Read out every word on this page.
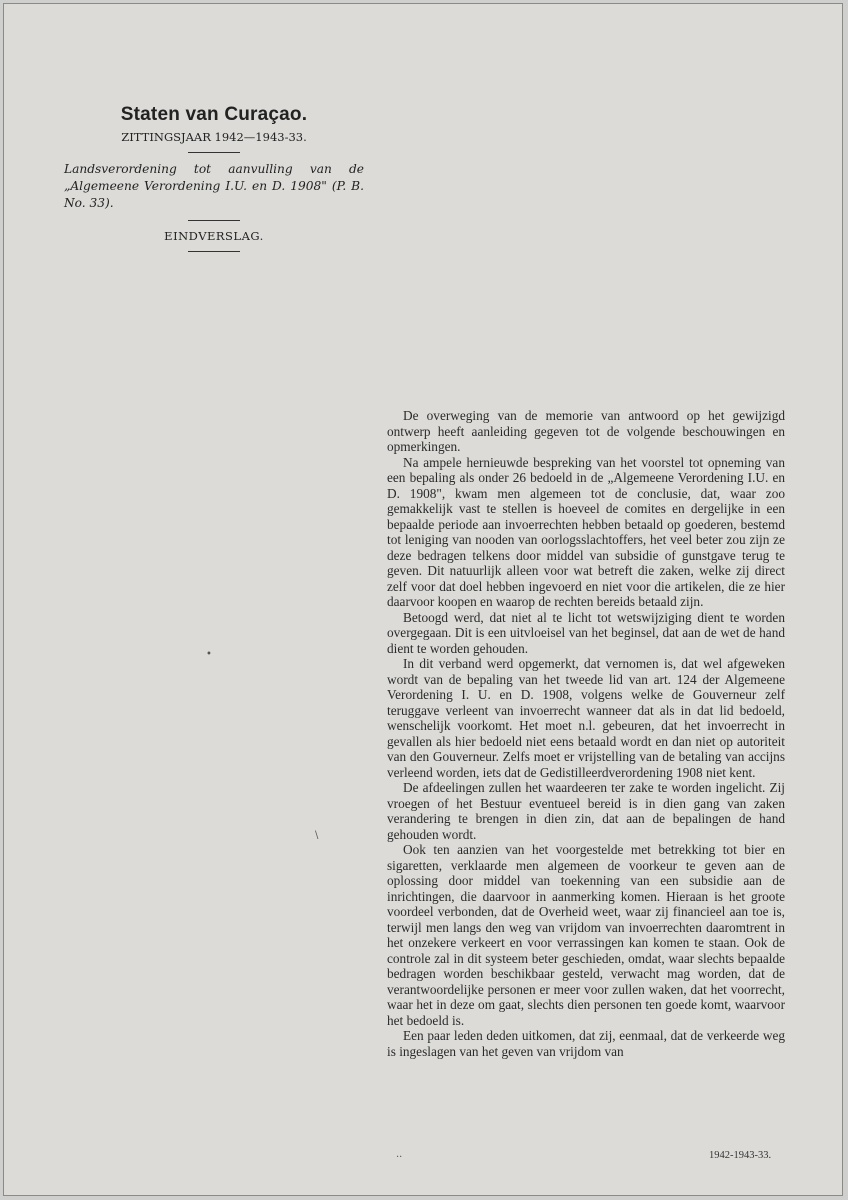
Staten van Curaçao.

ZITTINGSJAAR 1942—1943-33.

Landsverordening tot aanvulling van de „Algemeene Verordening I.U. en D. 1908" (P. B. No. 33).

EINDVERSLAG.

De overweging van de memorie van antwoord op het gewijzigd ontwerp heeft aanleiding gegeven tot de volgende beschouwingen en opmerkingen.

Na ampele hernieuwde bespreking van het voorstel tot opneming van een bepaling als onder 26 bedoeld in de „Algemeene Verordening I.U. en D. 1908", kwam men algemeen tot de conclusie, dat, waar zoo gemakkelijk vast te stellen is hoeveel de comites en dergelijke in een bepaalde periode aan invoerrechten hebben betaald op goederen, bestemd tot leniging van nooden van oorlogsslachtoffers, het veel beter zou zijn ze deze bedragen telkens door middel van subsidie of gunstgave terug te geven. Dit natuurlijk alleen voor wat betreft die zaken, welke zij direct zelf voor dat doel hebben ingevoerd en niet voor die artikelen, die ze hier daarvoor koopen en waarop de rechten bereids betaald zijn.

Betoogd werd, dat niet al te licht tot wetswijziging dient te worden overgegaan. Dit is een uitvloeisel van het beginsel, dat aan de wet de hand dient te worden gehouden.

In dit verband werd opgemerkt, dat vernomen is, dat wel afgeweken wordt van de bepaling van het tweede lid van art. 124 der Algemeene Verordening I. U. en D. 1908, volgens welke de Gouverneur zelf teruggave verleent van invoerrecht wanneer dat als in dat lid bedoeld, wenschelijk voorkomt. Het moet n.l. gebeuren, dat het invoerrecht in gevallen als hier bedoeld niet eens betaald wordt en dan niet op autoriteit van den Gouverneur. Zelfs moet er vrijstelling van de betaling van accijns verleend worden, iets dat de Gedistilleerdverordening 1908 niet kent.

De afdeelingen zullen het waardeeren ter zake te worden ingelicht. Zij vroegen of het Bestuur eventueel bereid is in dien gang van zaken verandering te brengen in dien zin, dat aan de bepalingen de hand gehouden wordt.

Ook ten aanzien van het voorgestelde met betrekking tot bier en sigaretten, verklaarde men algemeen de voorkeur te geven aan de oplossing door middel van toekenning van een subsidie aan de inrichtingen, die daarvoor in aanmerking komen. Hieraan is het groote voordeel verbonden, dat de Overheid weet, waar zij financieel aan toe is, terwijl men langs den weg van vrijdom van invoerrechten daaromtrent in het onzekere verkeert en voor verrassingen kan komen te staan. Ook de controle zal in dit systeem beter geschieden, omdat, waar slechts bepaalde bedragen worden beschikbaar gesteld, verwacht mag worden, dat de verantwoordelijke personen er meer voor zullen waken, dat het voorrecht, waar het in deze om gaat, slechts dien personen ten goede komt, waarvoor het bedoeld is.

Een paar leden deden uitkomen, dat zij, eenmaal, dat de verkeerde weg is ingeslagen van het geven van vrijdom van

•
\
··	1942-1943-33.
